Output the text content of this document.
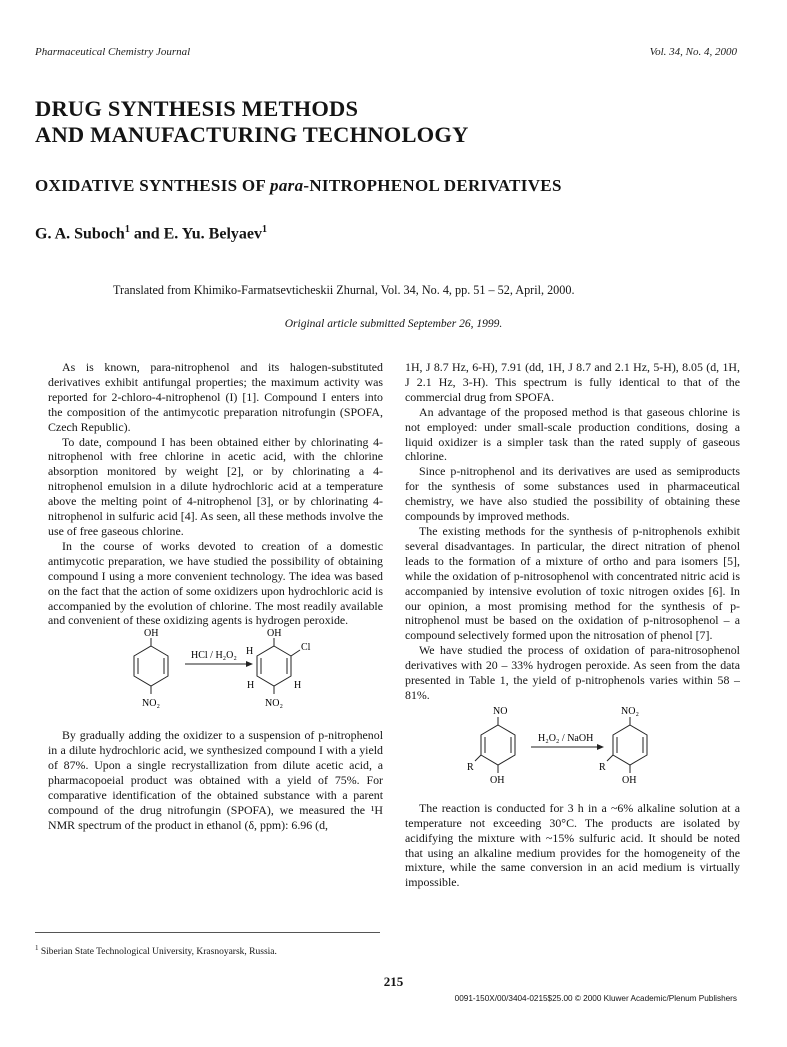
Pharmaceutical Chemistry Journal	Vol. 34, No. 4, 2000
DRUG SYNTHESIS METHODS
AND MANUFACTURING TECHNOLOGY
OXIDATIVE SYNTHESIS OF para-NITROPHENOL DERIVATIVES
G. A. Suboch$^1$ and E. Yu. Belyaev$^1$
Translated from Khimiko-Farmatsevticheskii Zhurnal, Vol. 34, No. 4, pp. 51 – 52, April, 2000.
Original article submitted September 26, 1999.

As is known, para-nitrophenol and its halogen-substituted derivatives exhibit antifungal properties; the maximum activity was reported for 2-chloro-4-nitrophenol (I) [1]. Compound I enters into the composition of the antimycotic preparation nitrofungin (SPOFA, Czech Republic).

To date, compound I has been obtained either by chlorinating 4-nitrophenol with free chlorine in acetic acid, with the chlorine absorption monitored by weight [2], or by chlorinating a 4-nitrophenol emulsion in a dilute hydrochloric acid at a temperature above the melting point of 4-nitrophenol [3], or by chlorinating 4-nitrophenol in sulfuric acid [4]. As seen, all these methods involve the use of free gaseous chlorine.

In the course of works devoted to creation of a domestic antimycotic preparation, we have studied the possibility of obtaining compound I using a more convenient technology. The idea was based on the fact that the action of some oxidizers upon hydrochloric acid is accompanied by the evolution of chlorine. The most readily available and convenient of these oxidizing agents is hydrogen peroxide.

OH
NO₂
HCl / H₂O₂
OH
Cl
H
H	H
NO₂

By gradually adding the oxidizer to a suspension of p-nitrophenol in a dilute hydrochloric acid, we synthesized compound I with a yield of 87%. Upon a single recrystallization from dilute acetic acid, a pharmacopoeial product was obtained with a yield of 75%. For comparative identification of the obtained substance with a parent compound of the drug nitrofungin (SPOFA), we measured the ¹H NMR spectrum of the product in ethanol (δ, ppm): 6.96 (d,

1H, J 8.7 Hz, 6-H), 7.91 (dd, 1H, J 8.7 and 2.1 Hz, 5-H), 8.05 (d, 1H, J 2.1 Hz, 3-H). This spectrum is fully identical to that of the commercial drug from SPOFA.

An advantage of the proposed method is that gaseous chlorine is not employed: under small-scale production conditions, dosing a liquid oxidizer is a simpler task than the rated supply of gaseous chlorine.

Since p-nitrophenol and its derivatives are used as semiproducts for the synthesis of some substances used in pharmaceutical chemistry, we have also studied the possibility of obtaining these compounds by improved methods.

The existing methods for the synthesis of p-nitrophenols exhibit several disadvantages. In particular, the direct nitration of phenol leads to the formation of a mixture of ortho and para isomers [5], while the oxidation of p-nitrosophenol with concentrated nitric acid is accompanied by intensive evolution of toxic nitrogen oxides [6]. In our opinion, a most promising method for the synthesis of p-nitrophenol must be based on the oxidation of p-nitrosophenol – a compound selectively formed upon the nitrosation of phenol [7].

We have studied the process of oxidation of para-nitrosophenol derivatives with 20 – 33% hydrogen peroxide. As seen from the data presented in Table 1, the yield of p-nitrophenols varies within 58 – 81%.

NO
R
OH
H₂O₂ / NaOH
NO₂
R
OH

The reaction is conducted for 3 h in a ~6% alkaline solution at a temperature not exceeding 30°C. The products are isolated by acidifying the mixture with ~15% sulfuric acid. It should be noted that using an alkaline medium provides for the homogeneity of the mixture, while the same conversion in an acid medium is virtually impossible.

$^1$ Siberian State Technological University, Krasnoyarsk, Russia.
215
0091-150X/00/3404-0215$25.00 © 2000 Kluwer Academic/Plenum Publishers
